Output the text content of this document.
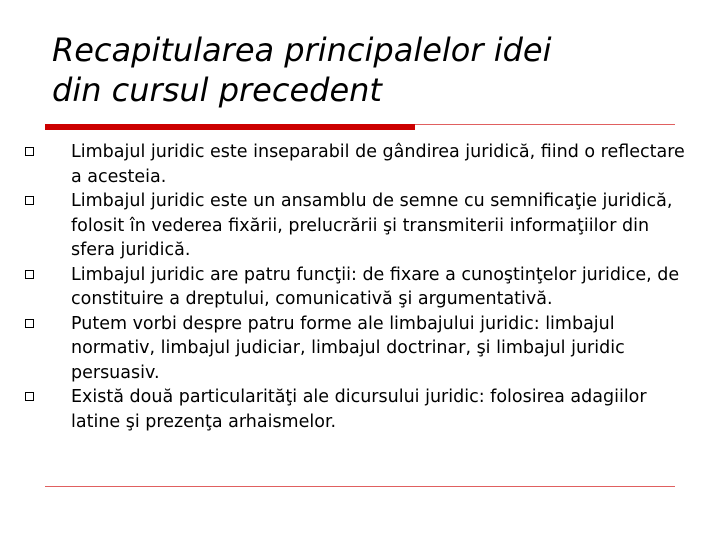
Recapitularea principalelor idei
din cursul precedent
Limbajul juridic este inseparabil de gândirea juridică, fiind o reflectare a acesteia.
Limbajul juridic este un ansamblu de semne cu semnificaţie juridică, folosit în vederea fixării, prelucrării şi transmiterii informaţiilor din sfera juridică.
Limbajul juridic are patru funcţii: de fixare a cunoştinţelor juridice, de constituire a dreptului, comunicativă şi argumentativă.
Putem vorbi despre patru forme ale limbajului juridic: limbajul normativ, limbajul judiciar, limbajul doctrinar, şi limbajul juridic persuasiv.
Există două particularităţi ale dicursului juridic: folosirea adagiilor latine şi prezenţa arhaismelor.
